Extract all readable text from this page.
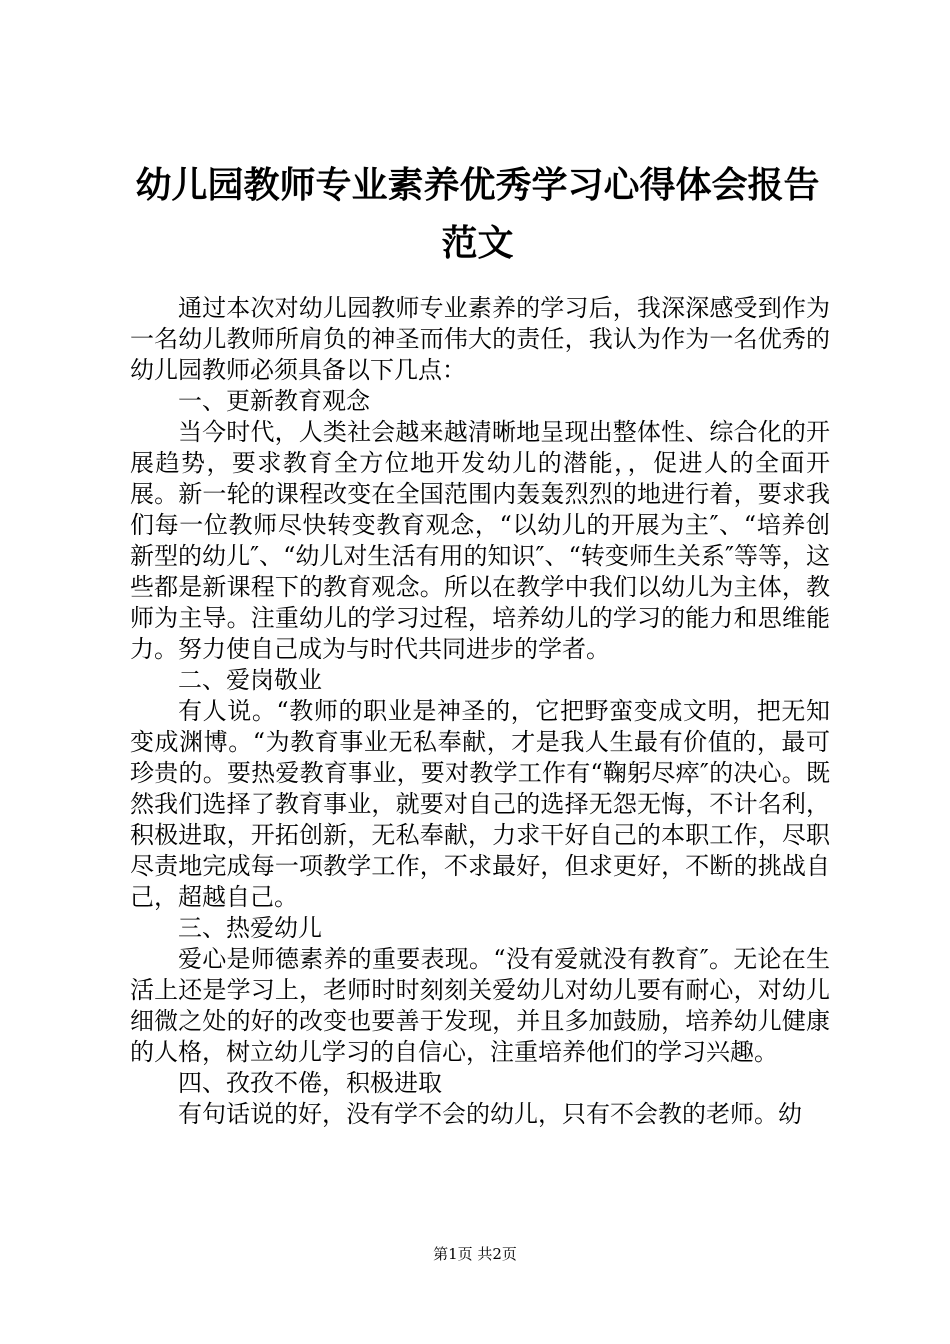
幼儿园教师专业素养优秀学习心得体会报告范文

通过本次对幼儿园教师专业素养的学习后，我深深感受到作为一名幼儿教师所肩负的神圣而伟大的责任，我认为作为一名优秀的幼儿园教师必须具备以下几点：

一、更新教育观念

当今时代，人类社会越来越清晰地呈现出整体性、综合化的开展趋势，要求教育全方位地开发幼儿的潜能，，促进人的全面开展。新一轮的课程改变在全国范围内轰轰烈烈的地进行着，要求我们每一位教师尽快转变教育观念，“以幼儿的开展为主″、“培养创新型的幼儿″、“幼儿对生活有用的知识″、“转变师生关系″等等，这些都是新课程下的教育观念。所以在教学中我们以幼儿为主体，教师为主导。注重幼儿的学习过程，培养幼儿的学习的能力和思维能力。努力使自己成为与时代共同进步的学者。

二、爱岗敬业

有人说。“教师的职业是神圣的，它把野蛮变成文明，把无知变成渊博。“为教育事业无私奉献，才是我人生最有价值的，最可珍贵的。要热爱教育事业，要对教学工作有“鞠躬尽瘁″的决心。既然我们选择了教育事业，就要对自己的选择无怨无悔，不计名利，积极进取，开拓创新，无私奉献，力求干好自己的本职工作，尽职尽责地完成每一项教学工作，不求最好，但求更好，不断的挑战自己，超越自己。

三、热爱幼儿

爱心是师德素养的重要表现。“没有爱就没有教育″。无论在生活上还是学习上，老师时时刻刻关爱幼儿对幼儿要有耐心，对幼儿细微之处的好的改变也要善于发现，并且多加鼓励，培养幼儿健康的人格，树立幼儿学习的自信心，注重培养他们的学习兴趣。

四、孜孜不倦，积极进取

有句话说的好，没有学不会的幼儿，只有不会教的老师。幼

第1页 共2页
